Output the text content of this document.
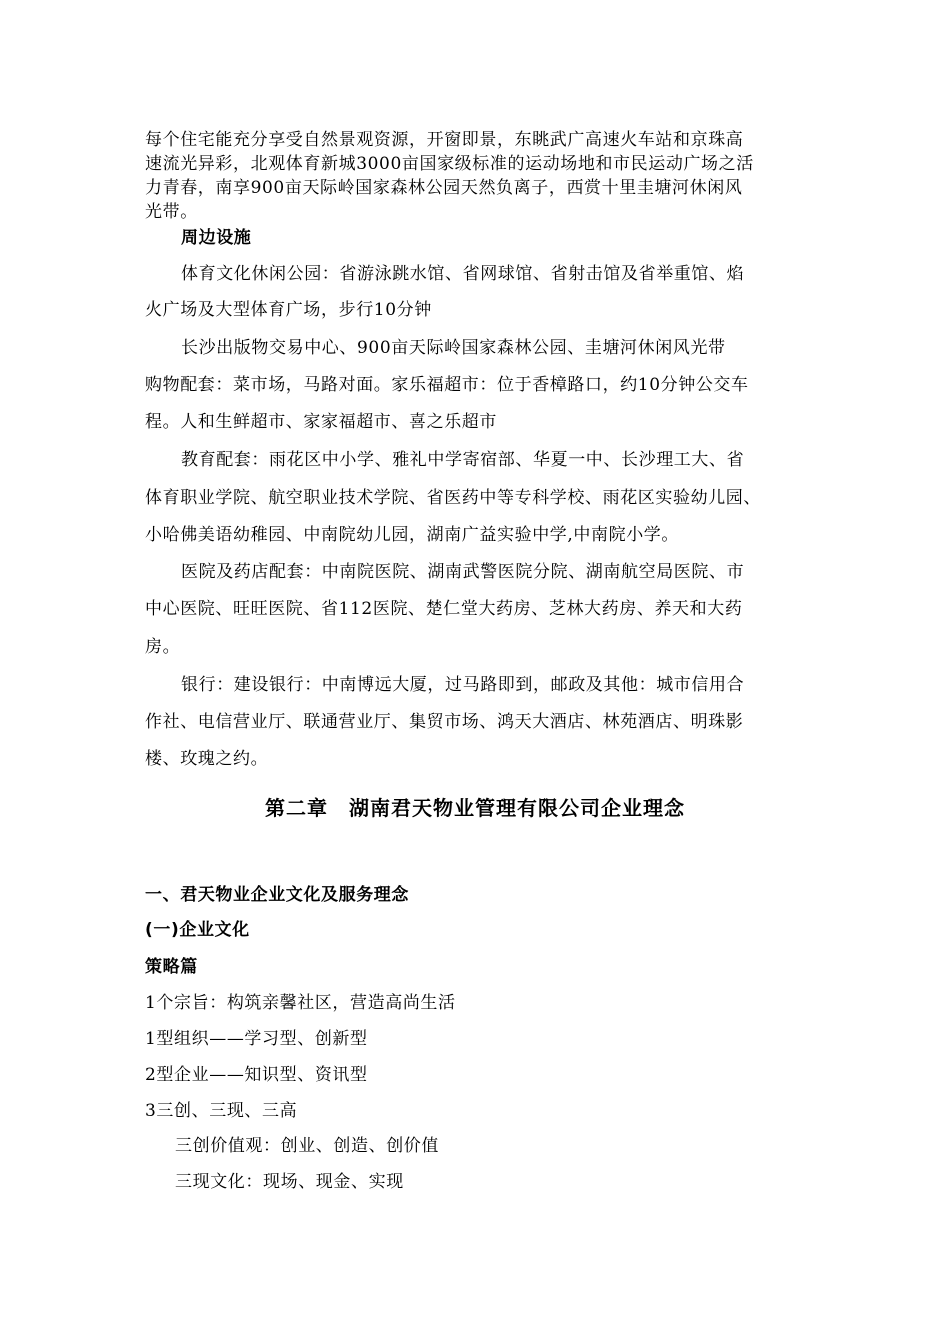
每个住宅能充分享受自然景观资源，开窗即景，东眺武广高速火车站和京珠高
速流光异彩，北观体育新城3000亩国家级标准的运动场地和市民运动广场之活
力青春，南享900亩天际岭国家森林公园天然负离子，西赏十里圭塘河休闲风
光带。
周边设施
体育文化休闲公园：省游泳跳水馆、省网球馆、省射击馆及省举重馆、焰
火广场及大型体育广场，步行10分钟
长沙出版物交易中心、900亩天际岭国家森林公园、圭塘河休闲风光带
购物配套：菜市场，马路对面。家乐福超市：位于香樟路口，约10分钟公交车
程。人和生鲜超市、家家福超市、喜之乐超市
教育配套：雨花区中小学、雅礼中学寄宿部、华夏一中、长沙理工大、省
体育职业学院、航空职业技术学院、省医药中等专科学校、雨花区实验幼儿园、
小哈佛美语幼稚园、中南院幼儿园，湖南广益实验中学,中南院小学。
医院及药店配套：中南院医院、湖南武警医院分院、湖南航空局医院、市
中心医院、旺旺医院、省112医院、楚仁堂大药房、芝林大药房、养天和大药
房。
银行：建设银行：中南博远大厦，过马路即到，邮政及其他：城市信用合
作社、电信营业厅、联通营业厅、集贸市场、鸿天大酒店、林苑酒店、明珠影
楼、玫瑰之约。
第二章　湖南君天物业管理有限公司企业理念
一、君天物业企业文化及服务理念
(一)企业文化
策略篇
1个宗旨：构筑亲馨社区，营造高尚生活
1型组织——学习型、创新型
2型企业——知识型、资讯型
3三创、三现、三高
三创价值观：创业、创造、创价值
三现文化：现场、现金、实现
